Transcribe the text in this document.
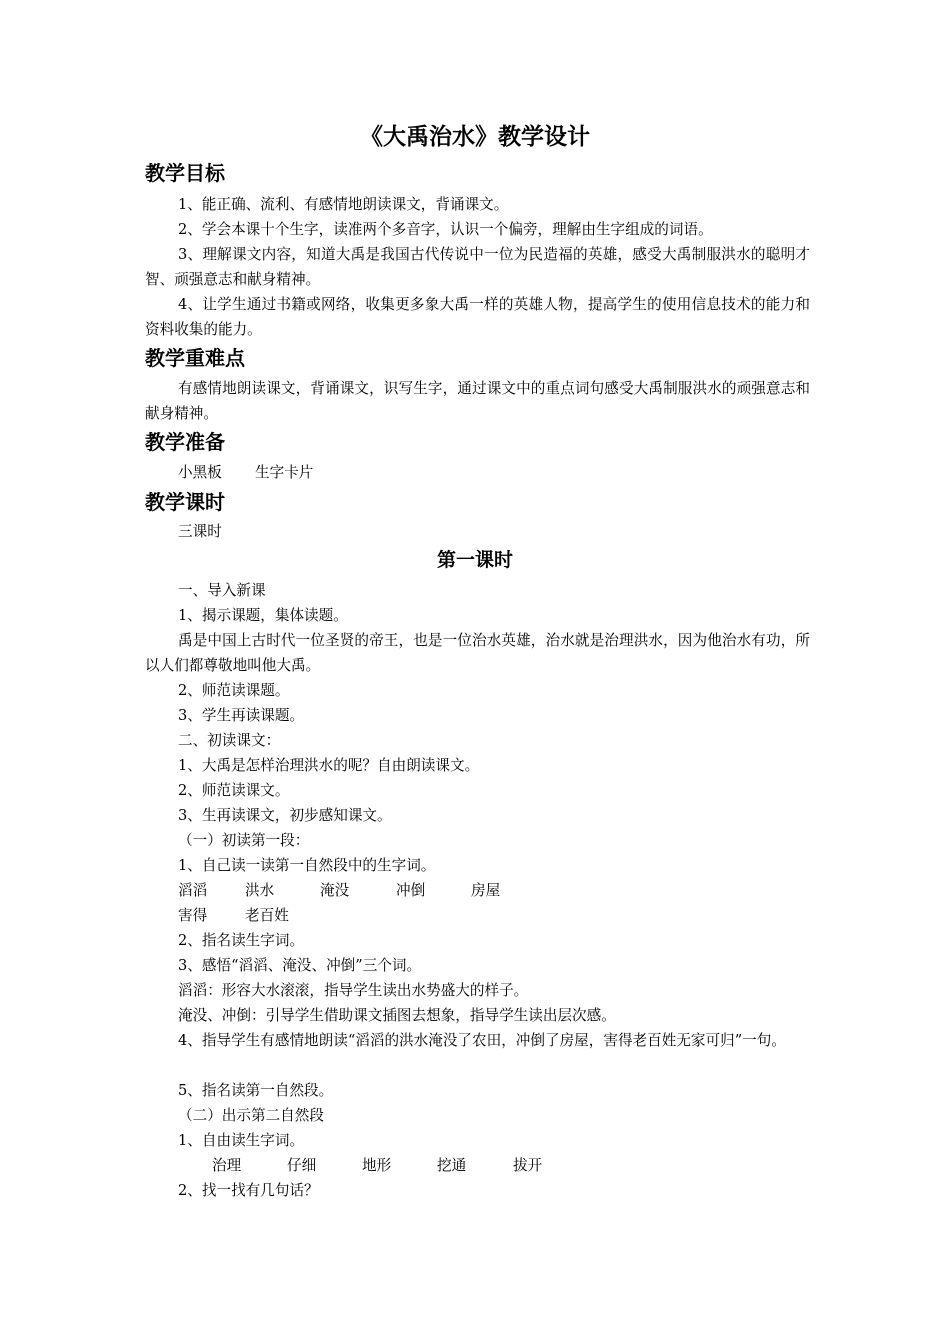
《大禹治水》教学设计
教学目标
1、能正确、流利、有感情地朗读课文，背诵课文。
2、学会本课十个生字，读准两个多音字，认识一个偏旁，理解由生字组成的词语。
3、理解课文内容，知道大禹是我国古代传说中一位为民造福的英雄，感受大禹制服洪水的聪明才智、顽强意志和献身精神。
4、让学生通过书籍或网络，收集更多象大禹一样的英雄人物，提高学生的使用信息技术的能力和资料收集的能力。
教学重难点
有感情地朗读课文，背诵课文，识写生字，通过课文中的重点词句感受大禹制服洪水的顽强意志和献身精神。
教学准备
小黑板 生字卡片
教学课时
三课时
第一课时
一、导入新课
1、揭示课题，集体读题。
禹是中国上古时代一位圣贤的帝王，也是一位治水英雄，治水就是治理洪水，因为他治水有功，所以人们都尊敬地叫他大禹。
2、师范读课题。
3、学生再读课题。
二、初读课文：
1、大禹是怎样治理洪水的呢？自由朗读课文。
2、师范读课文。
3、生再读课文，初步感知课文。
（一）初读第一段：
1、自己读一读第一自然段中的生字词。
滔滔	洪水	淹没	冲倒	房屋
害得	老百姓
2、指名读生字词。
3、感悟“滔滔、淹没、冲倒”三个词。
滔滔：形容大水滚滚，指导学生读出水势盛大的样子。
淹没、冲倒：引导学生借助课文插图去想象，指导学生读出层次感。
4、指导学生有感情地朗读“滔滔的洪水淹没了农田，冲倒了房屋，害得老百姓无家可归”一句。
5、指名读第一自然段。
（二）出示第二自然段
1、自由读生字词。
治理	仔细	地形	挖通	拔开
2、找一找有几句话？
